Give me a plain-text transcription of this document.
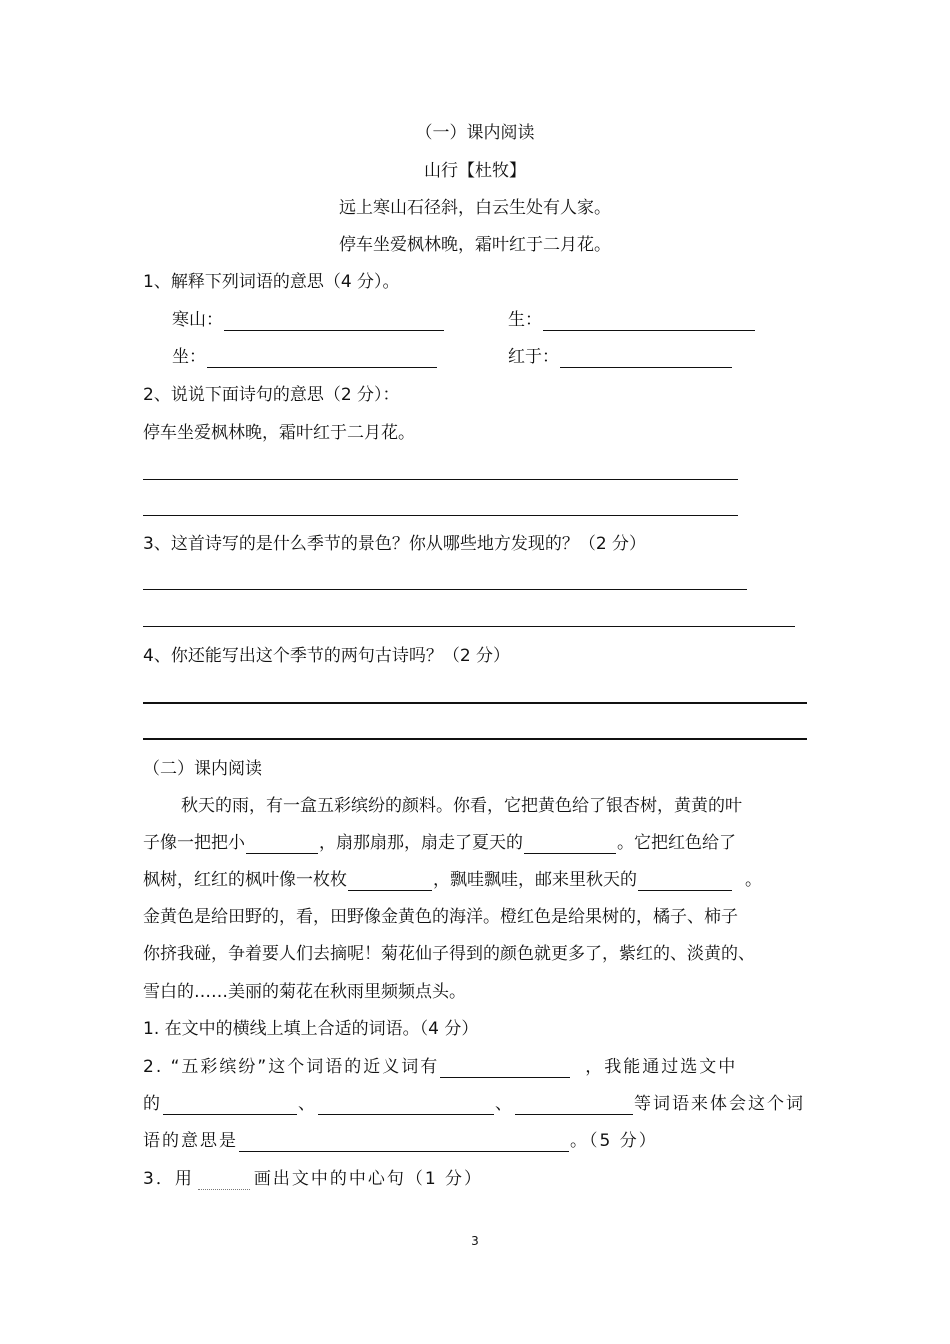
（一）课内阅读
山行【杜牧】
远上寒山石径斜，白云生处有人家。
停车坐爱枫林晚，霜叶红于二月花。
1、解释下列词语的意思（4 分）。
寒山：	生：
坐：	红于：
2、说说下面诗句的意思（2 分）：
停车坐爱枫林晚，霜叶红于二月花。
3、这首诗写的是什么季节的景色？你从哪些地方发现的？（2 分）
4、你还能写出这个季节的两句古诗吗？（2 分）
（二）课内阅读
秋天的雨，有一盒五彩缤纷的颜料。你看，它把黄色给了银杏树，黄黄的叶
子像一把把小	，扇那扇那，扇走了夏天的	。它把红色给了
枫树，红红的枫叶像一枚枚	，飘哇飘哇，邮来里秋天的	。
金黄色是给田野的，看，田野像金黄色的海洋。橙红色是给果树的，橘子、柿子
你挤我碰，争着要人们去摘呢！菊花仙子得到的颜色就更多了，紫红的、淡黄的、
雪白的……美丽的菊花在秋雨里频频点头。
1. 在文中的横线上填上合适的词语。（4 分）
2. “五彩缤纷”这个词语的近义词有	，我能通过选文中
的	、	、	等词语来体会这个词
语的意思是	。（5 分）
3．用	画出文中的中心句（1 分）
3
